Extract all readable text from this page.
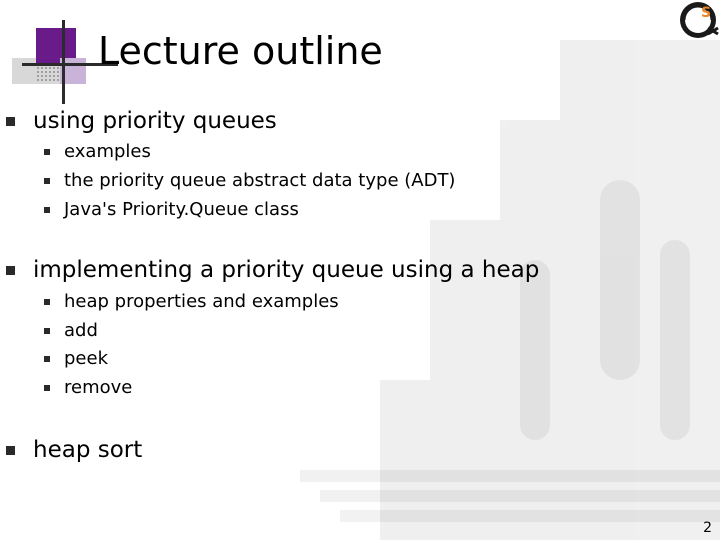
Lecture outline
S
using priority queues
examples
the priority queue abstract data type (ADT)
Java's Priority.Queue class
implementing a priority queue using a heap
heap properties and examples
add
peek
remove
heap sort
2
